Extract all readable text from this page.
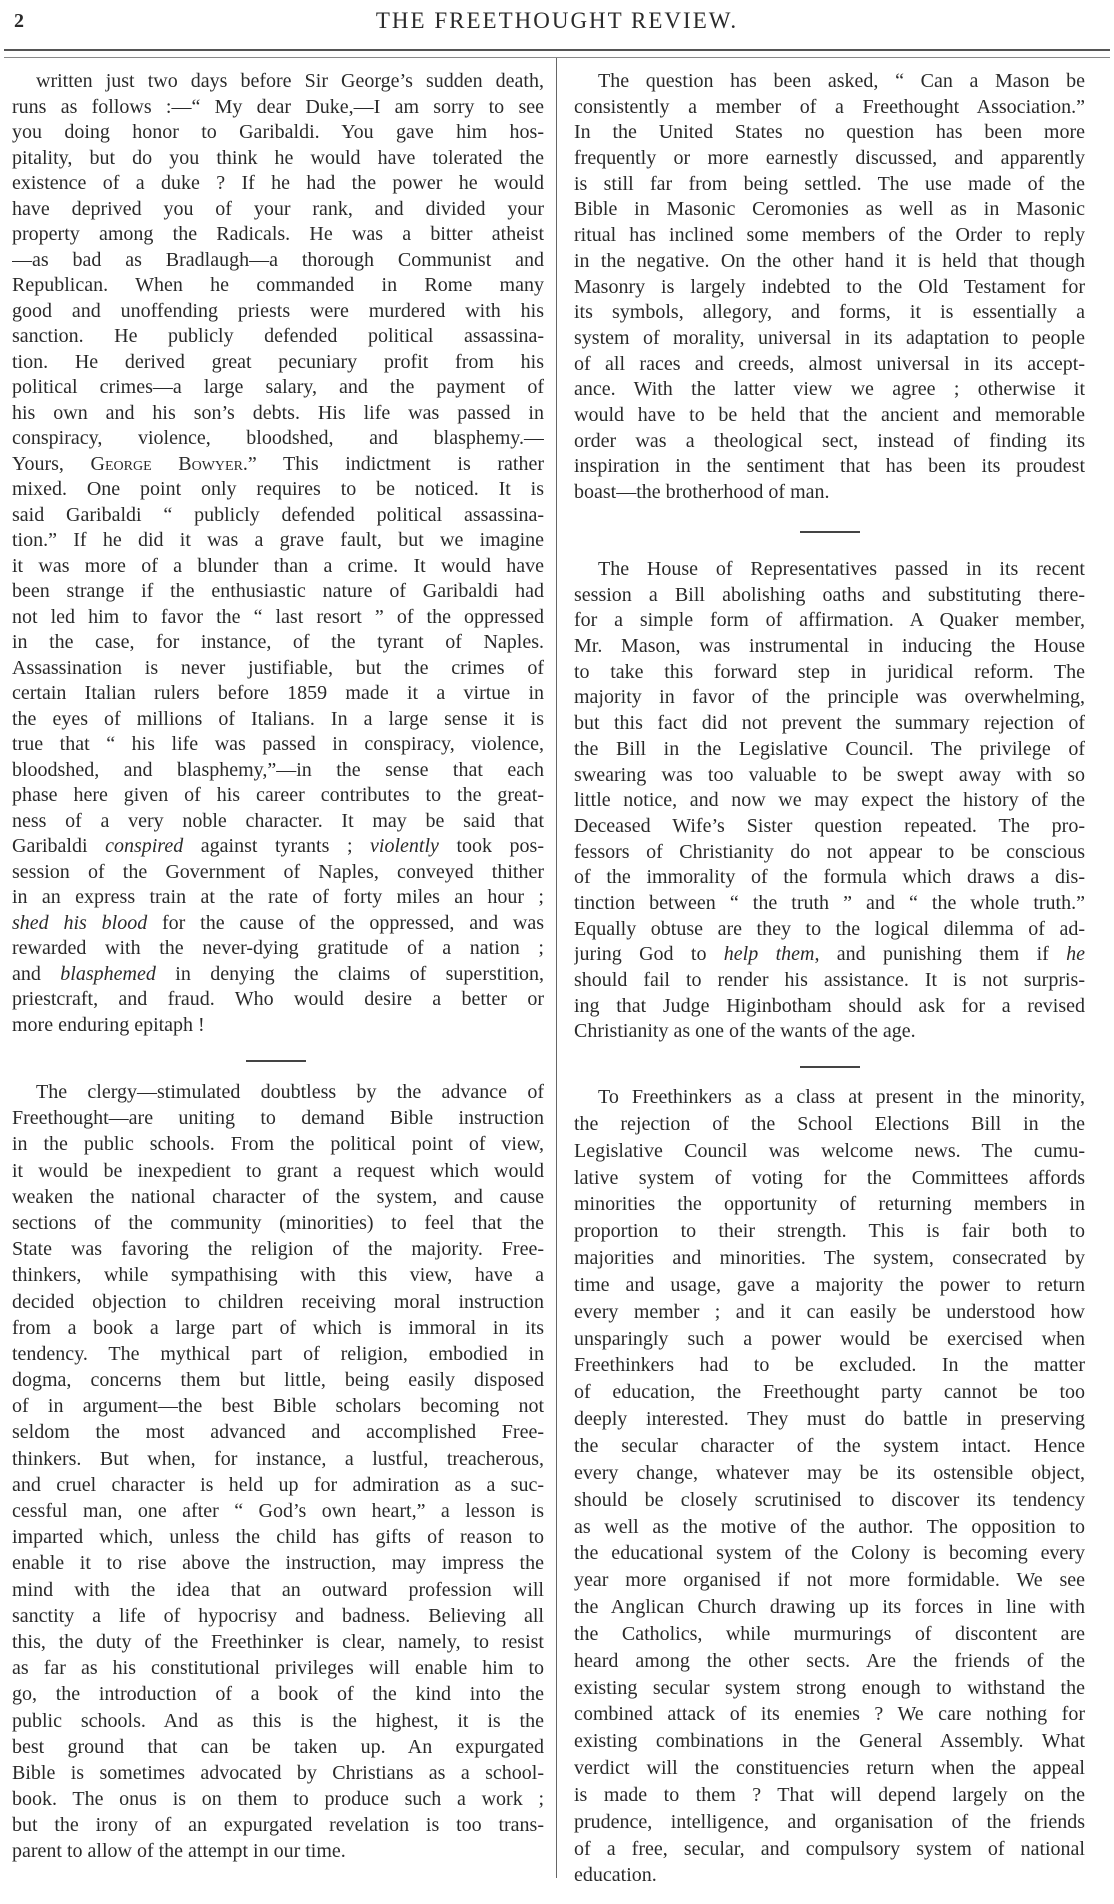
2	THE FREETHOUGHT REVIEW.
written just two days before Sir George’s sudden death,
runs as follows :—“ My dear Duke,—I am sorry to see
you doing honor to Garibaldi. You gave him hos-
pitality, but do you think he would have tolerated the
existence of a duke ? If he had the power he would
have deprived you of your rank, and divided your
property among the Radicals. He was a bitter atheist
—as bad as Bradlaugh—a thorough Communist and
Republican. When he commanded in Rome many
good and unoffending priests were murdered with his
sanction. He publicly defended political assassina-
tion. He derived great pecuniary profit from his
political crimes—a large salary, and the payment of
his own and his son’s debts. His life was passed in
conspiracy, violence, bloodshed, and blasphemy.—
Yours, George Bowyer.” This indictment is rather
mixed. One point only requires to be noticed. It is
said Garibaldi “ publicly defended political assassina-
tion.” If he did it was a grave fault, but we imagine
it was more of a blunder than a crime. It would have
been strange if the enthusiastic nature of Garibaldi had
not led him to favor the “ last resort ” of the oppressed
in the case, for instance, of the tyrant of Naples.
Assassination is never justifiable, but the crimes of
certain Italian rulers before 1859 made it a virtue in
the eyes of millions of Italians. In a large sense it is
true that “ his life was passed in conspiracy, violence,
bloodshed, and blasphemy,”—in the sense that each
phase here given of his career contributes to the great-
ness of a very noble character. It may be said that
Garibaldi conspired against tyrants ; violently took pos-
session of the Government of Naples, conveyed thither
in an express train at the rate of forty miles an hour ;
shed his blood for the cause of the oppressed, and was
rewarded with the never-dying gratitude of a nation ;
and blasphemed in denying the claims of superstition,
priestcraft, and fraud. Who would desire a better or
more enduring epitaph !
The clergy—stimulated doubtless by the advance of
Freethought—are uniting to demand Bible instruction
in the public schools. From the political point of view,
it would be inexpedient to grant a request which would
weaken the national character of the system, and cause
sections of the community (minorities) to feel that the
State was favoring the religion of the majority. Free-
thinkers, while sympathising with this view, have a
decided objection to children receiving moral instruction
from a book a large part of which is immoral in its
tendency. The mythical part of religion, embodied in
dogma, concerns them but little, being easily disposed
of in argument—the best Bible scholars becoming not
seldom the most advanced and accomplished Free-
thinkers. But when, for instance, a lustful, treacherous,
and cruel character is held up for admiration as a suc-
cessful man, one after “ God’s own heart,” a lesson is
imparted which, unless the child has gifts of reason to
enable it to rise above the instruction, may impress the
mind with the idea that an outward profession will
sanctity a life of hypocrisy and badness. Believing all
this, the duty of the Freethinker is clear, namely, to resist
as far as his constitutional privileges will enable him to
go, the introduction of a book of the kind into the
public schools. And as this is the highest, it is the
best ground that can be taken up. An expurgated
Bible is sometimes advocated by Christians as a school-
book. The onus is on them to produce such a work ;
but the irony of an expurgated revelation is too trans-
parent to allow of the attempt in our time.
The question has been asked, “ Can a Mason be
consistently a member of a Freethought Association.”
In the United States no question has been more
frequently or more earnestly discussed, and apparently
is still far from being settled. The use made of the
Bible in Masonic Ceromonies as well as in Masonic
ritual has inclined some members of the Order to reply
in the negative. On the other hand it is held that though
Masonry is largely indebted to the Old Testament for
its symbols, allegory, and forms, it is essentially a
system of morality, universal in its adaptation to people
of all races and creeds, almost universal in its accept-
ance. With the latter view we agree ; otherwise it
would have to be held that the ancient and memorable
order was a theological sect, instead of finding its
inspiration in the sentiment that has been its proudest
boast—the brotherhood of man.
The House of Representatives passed in its recent
session a Bill abolishing oaths and substituting there-
for a simple form of affirmation. A Quaker member,
Mr. Mason, was instrumental in inducing the House
to take this forward step in juridical reform. The
majority in favor of the principle was overwhelming,
but this fact did not prevent the summary rejection of
the Bill in the Legislative Council. The privilege of
swearing was too valuable to be swept away with so
little notice, and now we may expect the history of the
Deceased Wife’s Sister question repeated. The pro-
fessors of Christianity do not appear to be conscious
of the immorality of the formula which draws a dis-
tinction between “ the truth ” and “ the whole truth.”
Equally obtuse are they to the logical dilemma of ad-
juring God to help them, and punishing them if he
should fail to render his assistance. It is not surpris-
ing that Judge Higinbotham should ask for a revised
Christianity as one of the wants of the age.
To Freethinkers as a class at present in the minority,
the rejection of the School Elections Bill in the
Legislative Council was welcome news. The cumu-
lative system of voting for the Committees affords
minorities the opportunity of returning members in
proportion to their strength. This is fair both to
majorities and minorities. The system, consecrated by
time and usage, gave a majority the power to return
every member ; and it can easily be understood how
unsparingly such a power would be exercised when
Freethinkers had to be excluded. In the matter
of education, the Freethought party cannot be too
deeply interested. They must do battle in preserving
the secular character of the system intact. Hence
every change, whatever may be its ostensible object,
should be closely scrutinised to discover its tendency
as well as the motive of the author. The opposition to
the educational system of the Colony is becoming every
year more organised if not more formidable. We see
the Anglican Church drawing up its forces in line with
the Catholics, while murmurings of discontent are
heard among the other sects. Are the friends of the
existing secular system strong enough to withstand the
combined attack of its enemies ? We care nothing for
existing combinations in the General Assembly. What
verdict will the constituencies return when the appeal
is made to them ? That will depend largely on the
prudence, intelligence, and organisation of the friends
of a free, secular, and compulsory system of national
education.
